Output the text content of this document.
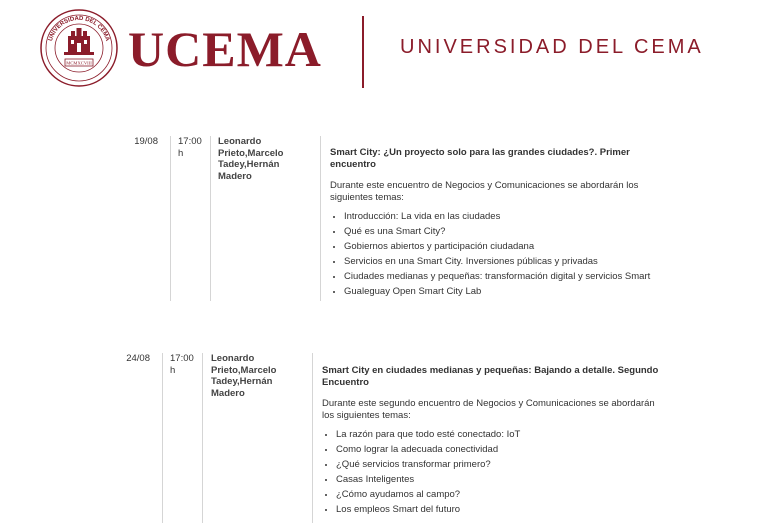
UNIVERSIDAD DEL CEMA
MCMXCVIII UCEMA	UNIVERSIDAD DEL CEMA
19/08 17:00 h
Leonardo Prieto,Marcelo Tadey,Hernán Madero
Smart City: ¿Un proyecto solo para las grandes ciudades?. Primer encuentro
Durante este encuentro de Negocios y Comunicaciones se abordarán los siguientes temas:
• Introducción: La vida en las ciudades
• Qué es una Smart City?
• Gobiernos abiertos y participación ciudadana
• Servicios en una Smart City. Inversiones públicas y privadas
• Ciudades medianas y pequeñas: transformación digital y servicios Smart
• Gualeguay Open Smart City Lab
24/08 17:00 h
Leonardo Prieto,Marcelo Tadey,Hernán Madero
Smart City en ciudades medianas y pequeñas: Bajando a detalle. Segundo Encuentro
Durante este segundo encuentro de Negocios y Comunicaciones se abordarán los siguientes temas:
• La razón para que todo esté conectado: IoT
• Como lograr la adecuada conectividad
• ¿Qué servicios transformar primero?
• Casas Inteligentes
• ¿Cómo ayudamos al campo?
• Los empleos Smart del futuro
